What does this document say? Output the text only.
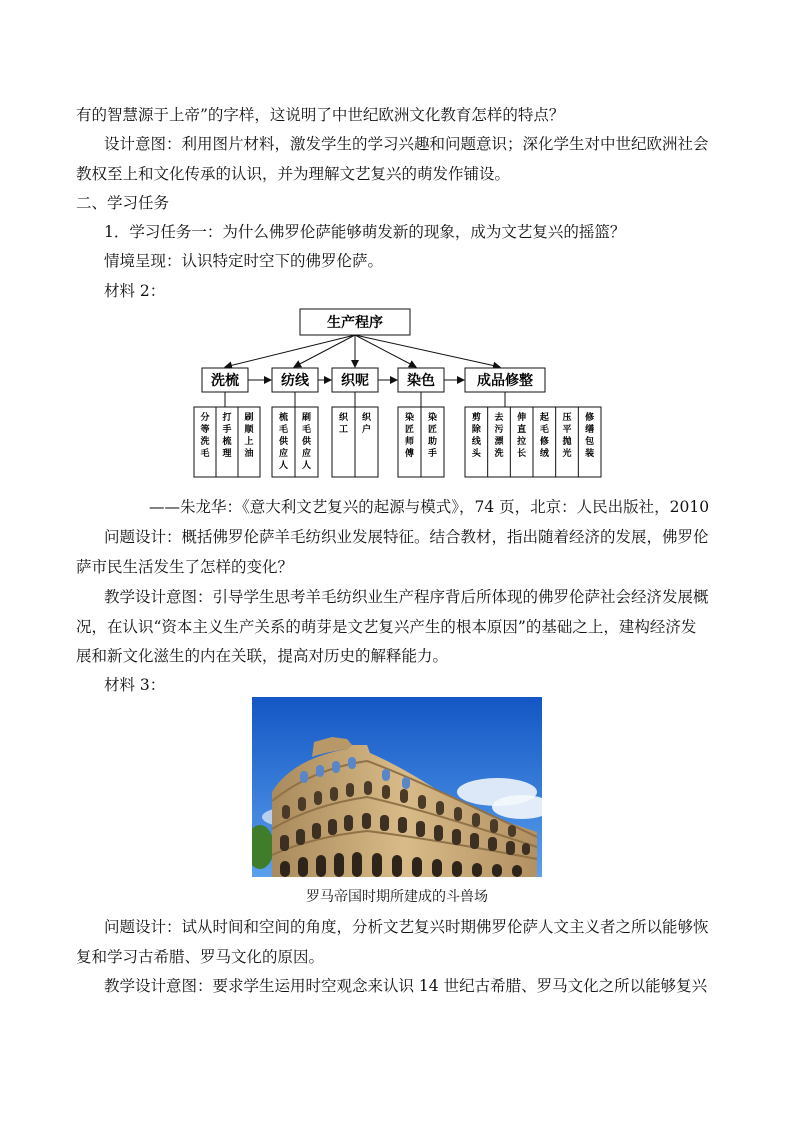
有的智慧源于上帝”的字样，这说明了中世纪欧洲文化教育怎样的特点？
设计意图：利用图片材料，激发学生的学习兴趣和问题意识；深化学生对中世纪欧洲社会
教权至上和文化传承的认识，并为理解文艺复兴的萌发作铺设。
二、学习任务
1．学习任务一：为什么佛罗伦萨能够萌发新的现象，成为文艺复兴的摇篮？
情境呈现：认识特定时空下的佛罗伦萨。
材料 2：
生产程序
洗梳	纺线 织呢	染色	成品修整
分等洗毛
打手梳理
刷顺上油
梳毛供应人
刷毛供应人
织工
织户
染匠师傅
染匠助手
剪除线头
去污漂洗
伸直拉长
起毛修绒
压平抛光
修缮包装
——朱龙华：《意大利文艺复兴的起源与模式》，74 页，北京：人民出版社，2010
问题设计：概括佛罗伦萨羊毛纺织业发展特征。结合教材，指出随着经济的发展，佛罗伦
萨市民生活发生了怎样的变化？
教学设计意图：引导学生思考羊毛纺织业生产程序背后所体现的佛罗伦萨社会经济发展概
况，在认识“资本主义生产关系的萌芽是文艺复兴产生的根本原因”的基础之上，建构经济发
展和新文化滋生的内在关联，提高对历史的解释能力。
材料 3：
罗马帝国时期所建成的斗兽场
问题设计：试从时间和空间的角度，分析文艺复兴时期佛罗伦萨人文主义者之所以能够恢
复和学习古希腊、罗马文化的原因。
教学设计意图：要求学生运用时空观念来认识 14 世纪古希腊、罗马文化之所以能够复兴
